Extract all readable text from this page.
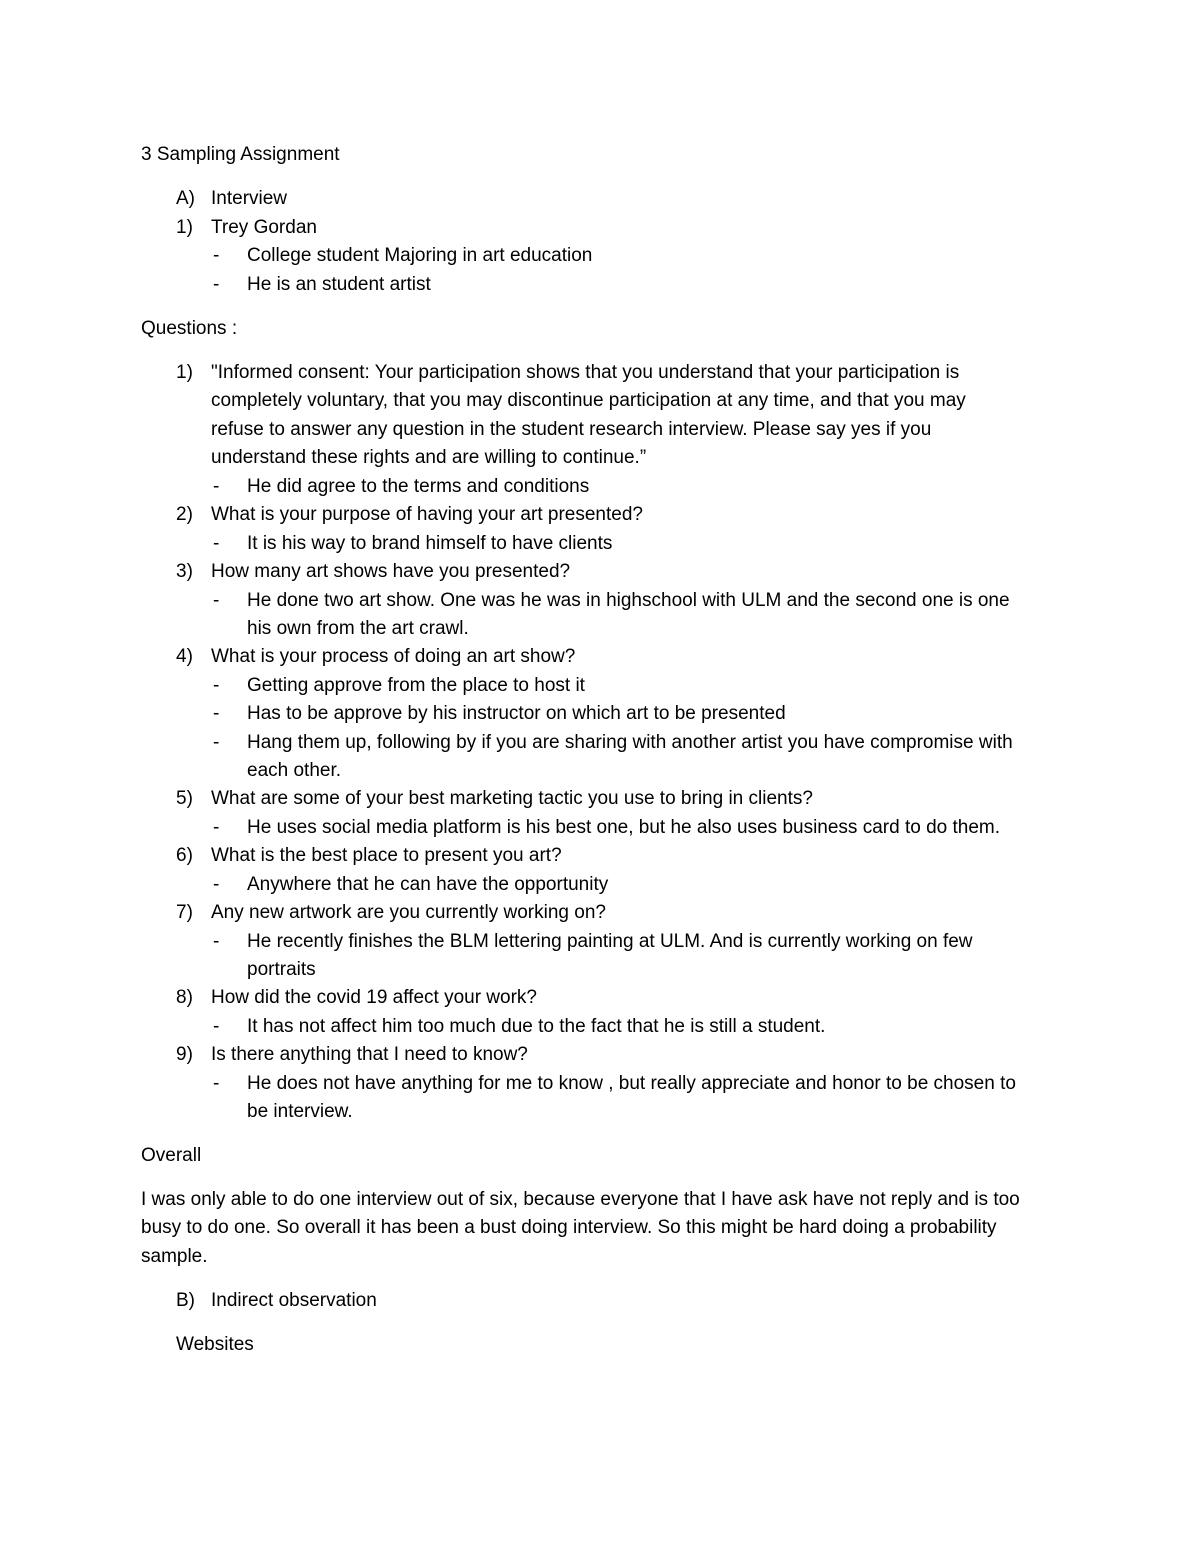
3 Sampling Assignment
A) Interview
1) Trey Gordan
- College student Majoring in art education
- He is an student artist
Questions :
1) "Informed consent: Your participation shows that you understand that your participation is
completely voluntary, that you may discontinue participation at any time, and that you may
refuse to answer any question in the student research interview. Please say yes if you
understand these rights and are willing to continue.”
- He did agree to the terms and conditions
2) What is your purpose of having your art presented?
- It is his way to brand himself to have clients
3) How many art shows have you presented?
- He done two art show. One was he was in highschool with ULM and the second one is one
his own from the art crawl.
4) What is your process of doing an art show?
- Getting approve from the place to host it
- Has to be approve by his instructor on which art to be presented
- Hang them up, following by if you are sharing with another artist you have compromise with
each other.
5) What are some of your best marketing tactic you use to bring in clients?
- He uses social media platform is his best one, but he also uses business card to do them.
6) What is the best place to present you art?
- Anywhere that he can have the opportunity
7) Any new artwork are you currently working on?
- He recently finishes the BLM lettering painting at ULM. And is currently working on few
portraits
8) How did the covid 19 affect your work?
- It has not affect him too much due to the fact that he is still a student.
9) Is there anything that I need to know?
- He does not have anything for me to know , but really appreciate and honor to be chosen to
be interview.
Overall
I was only able to do one interview out of six, because everyone that I have ask have not reply and is too
busy to do one. So overall it has been a bust doing interview. So this might be hard doing a probability
sample.
B) Indirect observation
Websites
